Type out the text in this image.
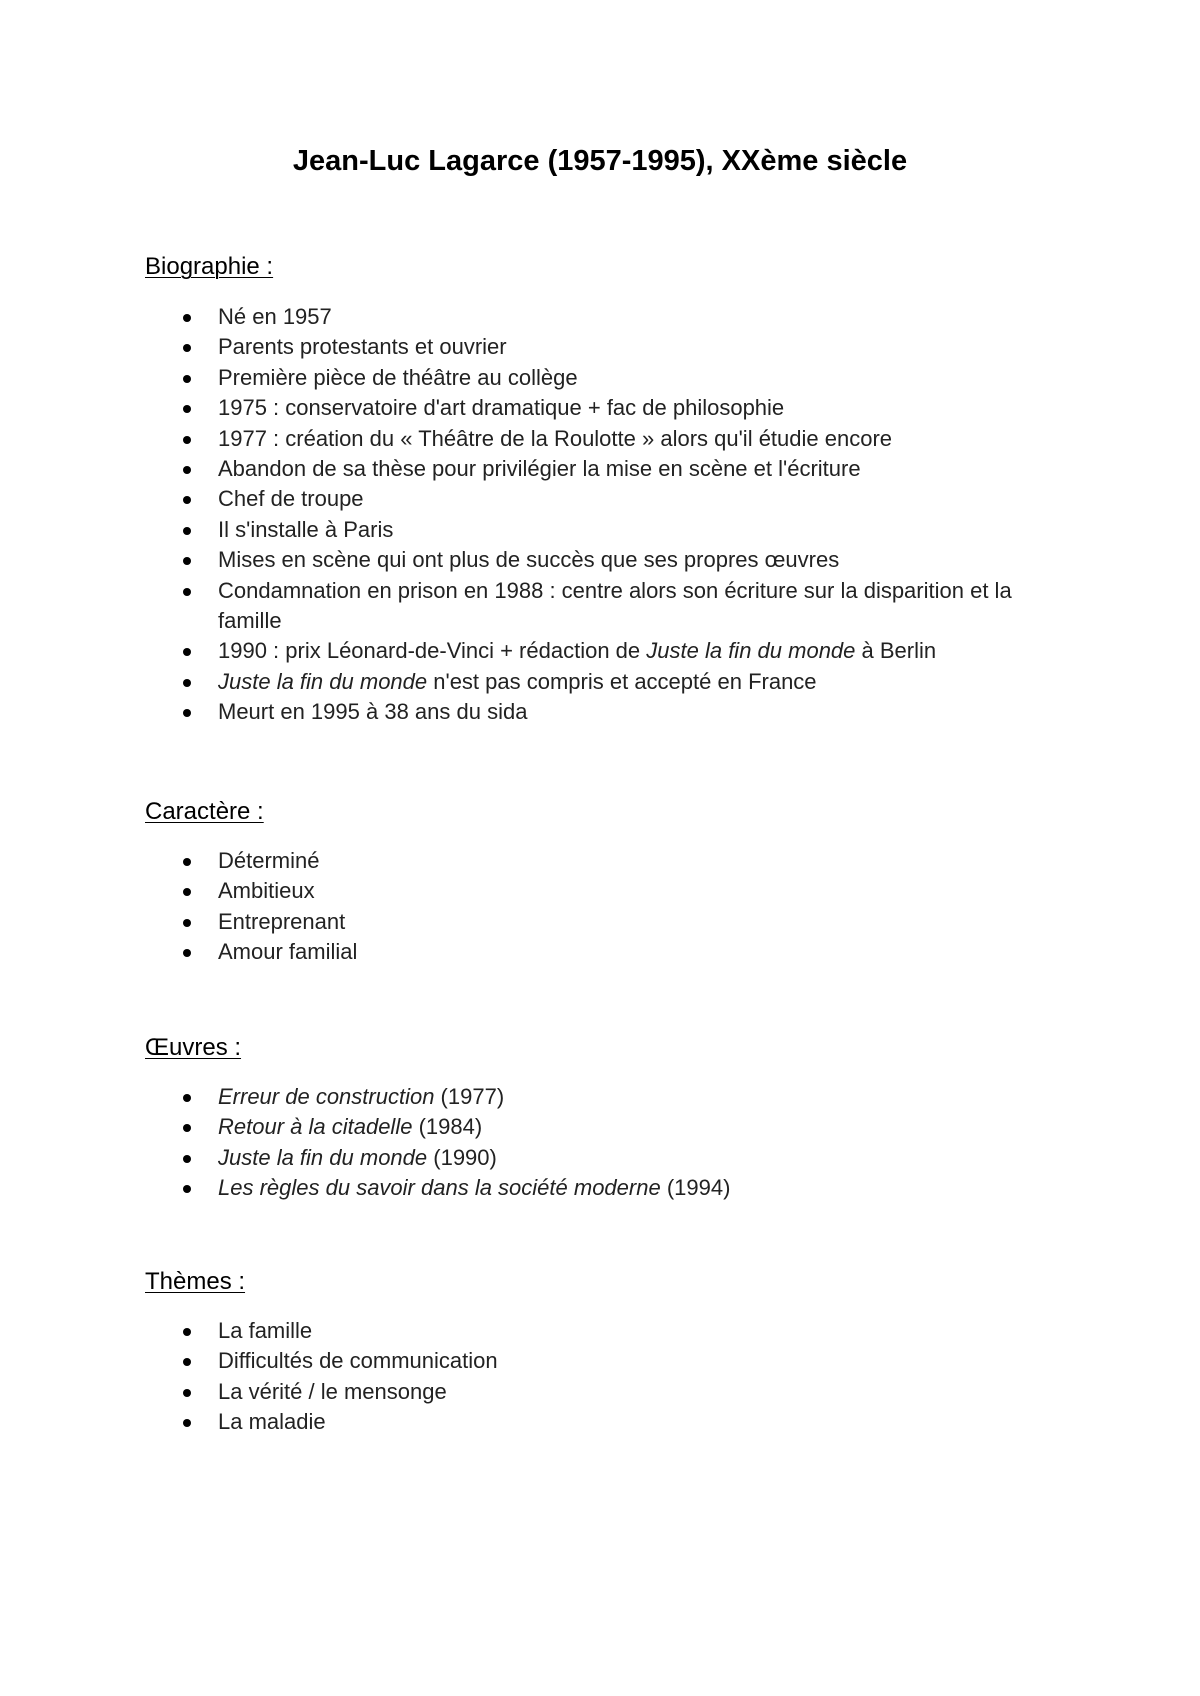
Jean-Luc Lagarce (1957-1995), XXème siècle
Biographie :
Né en 1957
Parents protestants et ouvrier
Première pièce de théâtre au collège
1975 : conservatoire d'art dramatique + fac de philosophie
1977 : création du « Théâtre de la Roulotte » alors qu'il étudie encore
Abandon de sa thèse pour privilégier la mise en scène et l'écriture
Chef de troupe
Il s'installe à Paris
Mises en scène qui ont plus de succès que ses propres œuvres
Condamnation en prison en 1988 : centre alors son écriture sur la disparition et la famille
1990 : prix Léonard-de-Vinci + rédaction de Juste la fin du monde à Berlin
Juste la fin du monde n'est pas compris et accepté en France
Meurt en 1995 à 38 ans du sida
Caractère :
Déterminé
Ambitieux
Entreprenant
Amour familial
Œuvres :
Erreur de construction (1977)
Retour à la citadelle (1984)
Juste la fin du monde (1990)
Les règles du savoir dans la société moderne (1994)
Thèmes :
La famille
Difficultés de communication
La vérité / le mensonge
La maladie
